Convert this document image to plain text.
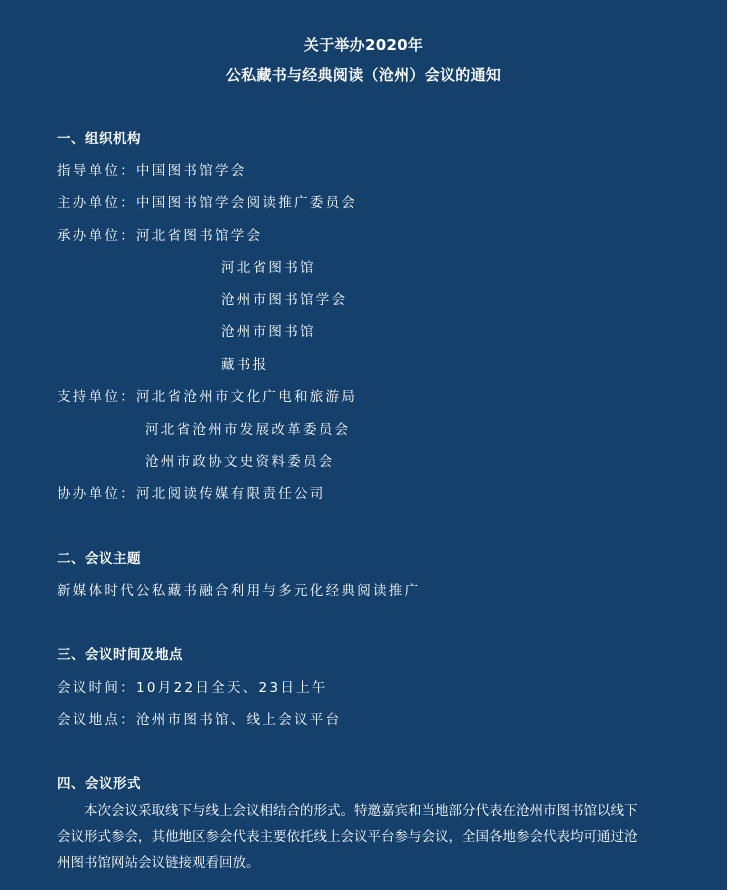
关于举办2020年
公私藏书与经典阅读（沧州）会议的通知
一、组织机构
指导单位：中国图书馆学会
主办单位：中国图书馆学会阅读推广委员会
承办单位：河北省图书馆学会
河北省图书馆
沧州市图书馆学会
沧州市图书馆
藏书报
支持单位：河北省沧州市文化广电和旅游局
河北省沧州市发展改革委员会
沧州市政协文史资料委员会
协办单位：河北阅读传媒有限责任公司
二、会议主题
新媒体时代公私藏书融合利用与多元化经典阅读推广
三、会议时间及地点
会议时间：10月22日全天、23日上午
会议地点：沧州市图书馆、线上会议平台
四、会议形式
本次会议采取线下与线上会议相结合的形式。特邀嘉宾和当地部分代表在沧州市图书馆以线下
会议形式参会，其他地区参会代表主要依托线上会议平台参与会议，全国各地参会代表均可通过沧
州图书馆网站会议链接观看回放。
